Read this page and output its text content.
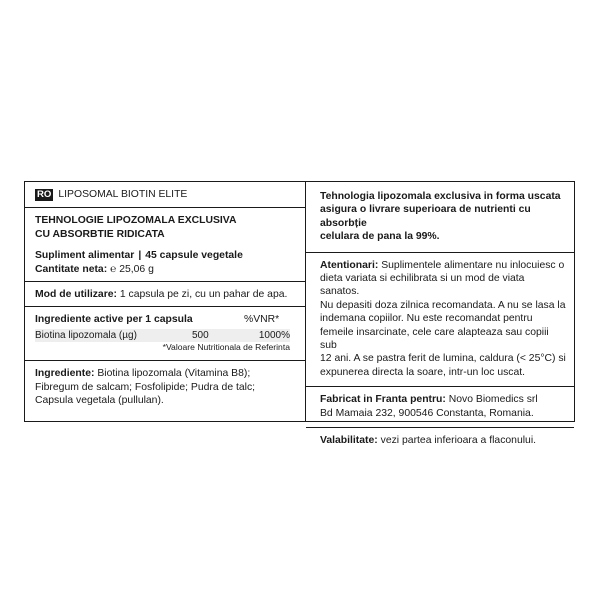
RO LIPOSOMAL BIOTIN ELITE

TEHNOLOGIE LIPOZOMALA EXCLUSIVA

CU ABSORBTIE RIDICATA

Supliment alimentar | 45 capsule vegetale

Cantitate neta: ℮ 25,06 g

Mod de utilizare: 1 capsula pe zi, cu un pahar de apa.

Ingrediente active per 1 capsula	%VNR*
Biotina lipozomala (µg)	500	1000%
*Valoare Nutritionala de Referinta

Ingrediente: Biotina lipozomala (Vitamina B8);

Fibregum de salcam; Fosfolipide; Pudra de talc;

Capsula vegetala (pullulan).

Tehnologia lipozomala exclusiva in forma uscata

asigura o livrare superioara de nutrienti cu absorbție

celulara de pana la 99%.

Atentionari: Suplimentele alimentare nu inlocuiesc o

dieta variata si echilibrata si un mod de viata sanatos.

Nu depasiti doza zilnica recomandata. A nu se lasa la

indemana copiilor. Nu este recomandat pentru

femeile insarcinate, cele care alapteaza sau copiii sub

12 ani. A se pastra ferit de lumina, caldura (< 25°C) si

expunerea directa la soare, intr-un loc uscat.

Fabricat in Franta pentru: Novo Biomedics srl

Bd Mamaia 232, 900546 Constanta, Romania.

Valabilitate: vezi partea inferioara a flaconului.
